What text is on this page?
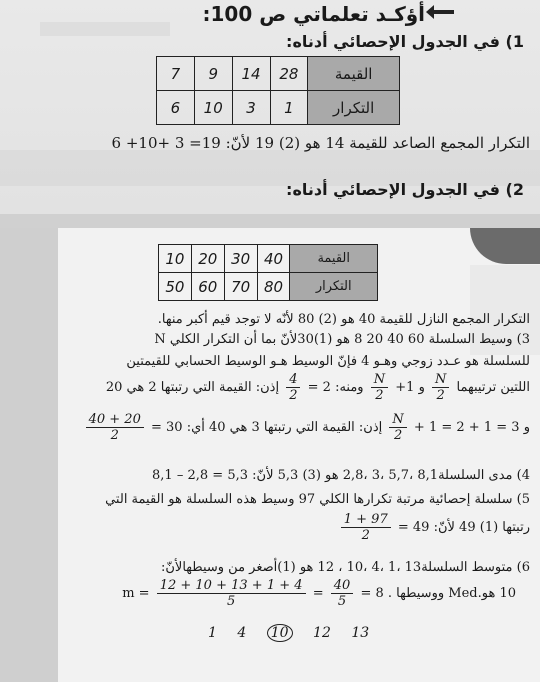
أؤكـد تعلماتي ص 100:
1) في الجدول الإحصائي أدناه:
7	9	14	28	القيمة
6	10	3	1	التكرار
التكرار المجمع الصاعد للقيمة 14 هو (2) 19 لأنّ: 19= 3 +10+ 6
2) في الجدول الإحصائي أدناه:
10	20	30	40	القيمة
50	60	70	80	التكرار
التكرار المجمع النازل للقيمة 40 هو (2) 80 لأنّه لا توجد قيم أكبر منها.
3) وسيط السلسلة 60 40 20 8 هو (1)30لأنّ بما أن التكرار الكلي N
للسلسلة هو عـدد زوجي وهـو 4 فإنّ الوسيط هـو الوسيط الحسابي للقيمتين
اللتين ترتيبهما
$\frac{N}{2}$
و 1+
$\frac{N}{2}$
ومنه: 2 =
$\frac{4}{2}$
إذن: القيمة التي رتبتها 2 هي 20
و 3 = 1 + 2 = 1 +
$\frac{N}{2}$
إذن: القيمة التي رتبتها 3 هي 40 أي: 30 =
$\frac{20 + 40}{2}$
4) مدى السلسلة8,1 ،5,7 ،3 ،2,8 هو (3) 5,3 لأنّ: 5,3 = 2,8 – 8,1
5) سلسلة إحصائية مرتبة تكرارها الكلي 97 وسيط هذه السلسلة هو القيمة التي
رتبتها (1) 49 لأنّ: 49 =
$\frac{97 + 1}{2}$
6) متوسط السلسلة13 ،1 ،4 ،10 ، 12 هو (1)أصغر من وسيطهالأنّ:
10 هو.Med ووسيطها . m =
$\frac{4 + 1 + 13 + 10 + 12}{5} = \frac{40}{5} = 8$
1 4 10 12 13
